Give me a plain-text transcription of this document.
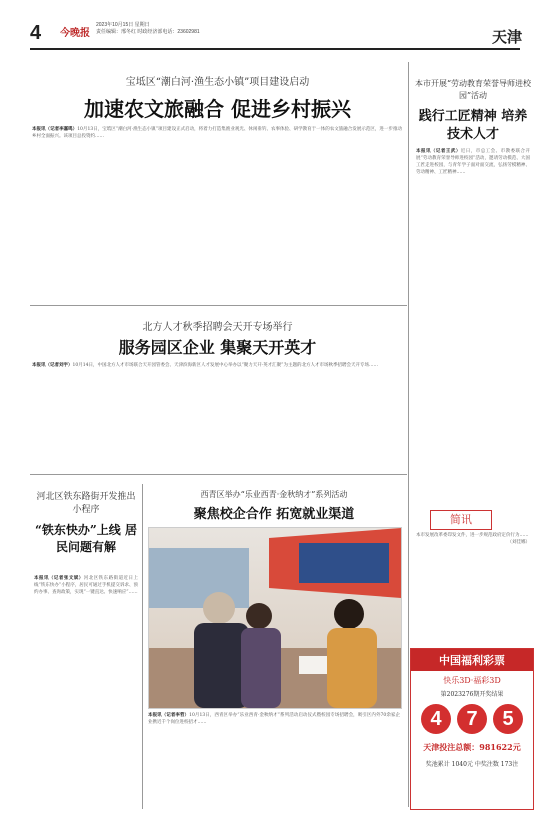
4 今晚报
2023年10月15日 星期日
责任编辑：邢冬红 时政经济部电话：23602981	天津
宝坻区“潮白河·渔生态小镇”项目建设启动
加速农文旅融合 促进乡村振兴
本报讯（记者李嘉鸣）10月13日，宝坻区“潮白河·渔生态小镇”项目建设正式启动，将着力打造集渔业观光、休闲垂钓、农事体验、研学教育于一体的农文旅融合发展示范区，进一步推动乡村全面振兴。该项目总投资约……
北方人才秋季招聘会天开专场举行
服务园区企业 集聚天开英才
本报讯（记者刘宇）10月14日，中国北方人才市场联合天开园管委会、天津滨海新区人才发展中心举办以“聚力天开·英才汇聚”为主题的北方人才市场秋季招聘会天开专场……
河北区铁东路街开发推出小程序
“铁东快办”上线 居民问题有解
本报讯（记者张文斌）河北区铁东路街道近日上线“铁东快办”小程序，居民可通过手机提交诉求、预约办事、查询政策，实现“一键直达、快速响应”……
西青区举办“乐业西青·金秋纳才”系列活动
聚焦校企合作 拓宽就业渠道
本报讯（记者李哲）10月13日，西青区举办“乐业西青·金秋纳才”系列活动启动仪式暨校园专场招聘会，吸引区内外70余家企业携近千个岗位进校招才……
本市开展“劳动教育荣誉导师进校园”活动
践行工匠精神 培养技术人才
本报讯（记者王武）近日，市总工会、市教委联合开展“劳动教育荣誉导师进校园”活动，邀请劳动模范、大国工匠走进校园，与青年学子面对面交流，弘扬劳模精神、劳动精神、工匠精神……
简讯
本市发展改革委印发文件，进一步规范政府定价行为……
（刘佳娜）
中国福利彩票
快乐3D·福彩3D
第2023276期开奖结果
4	7	5
天津投注总额：981622元
奖池累计 1040元 中奖注数 173注
